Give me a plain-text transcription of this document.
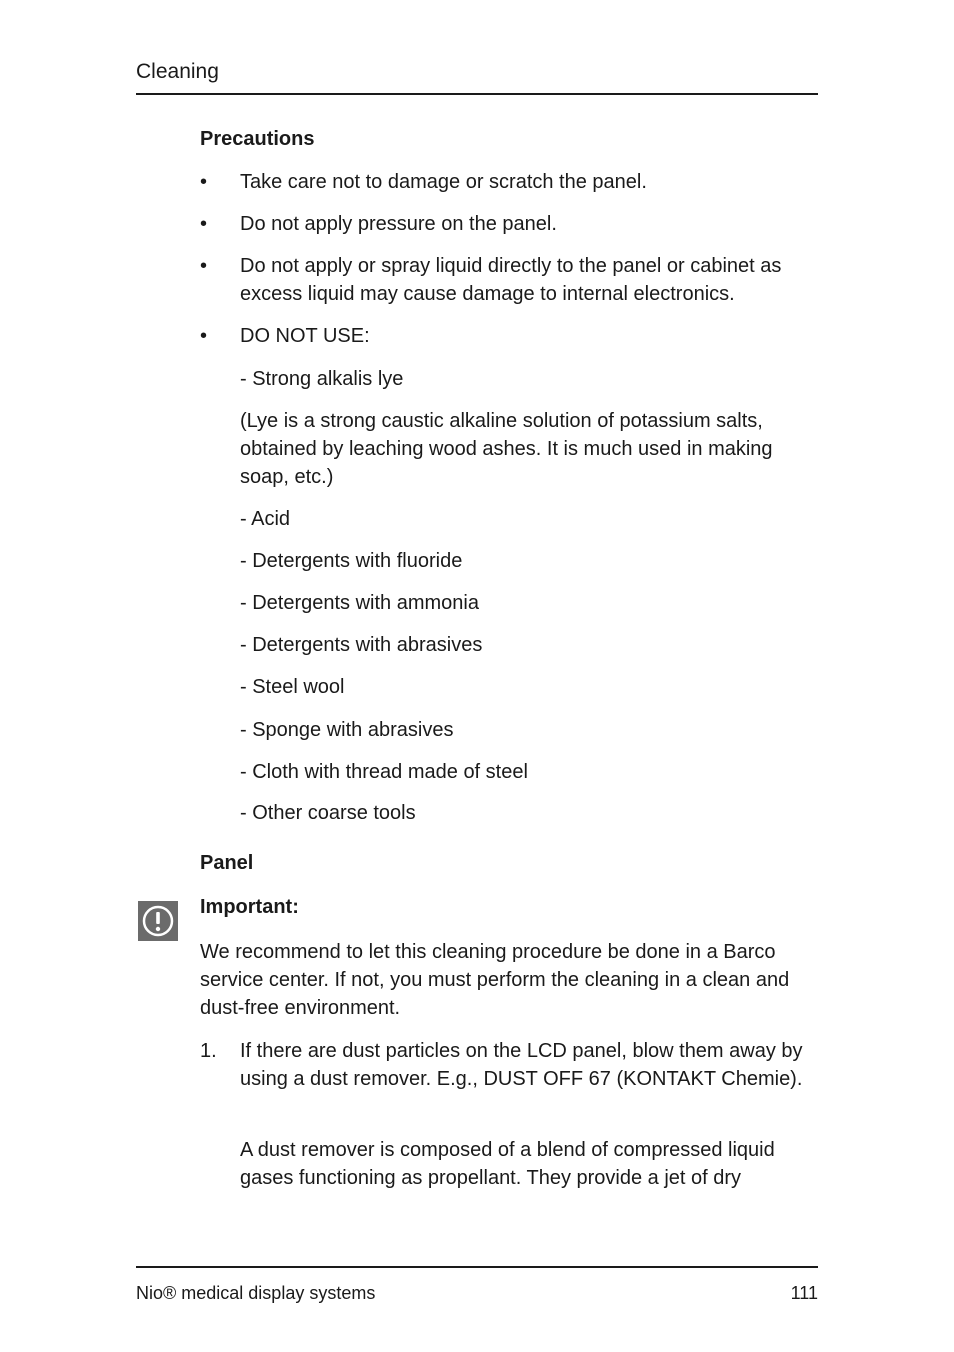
Cleaning
Precautions
• Take care not to damage or scratch the panel.
• Do not apply pressure on the panel.
• Do not apply or spray liquid directly to the panel or cabinet as excess liquid may cause damage to internal electronics.
• DO NOT USE:
- Strong alkalis lye
(Lye is a strong caustic alkaline solution of potassium salts, obtained by leaching wood ashes. It is much used in making soap, etc.)
- Acid
- Detergents with fluoride
- Detergents with ammonia
- Detergents with abrasives
- Steel wool
- Sponge with abrasives
- Cloth with thread made of steel
- Other coarse tools
Panel
Important:
We recommend to let this cleaning procedure be done in a Barco service center. If not, you must perform the cleaning in a clean and dust-free environment.
1. If there are dust particles on the LCD panel, blow them away by using a dust remover. E.g., DUST OFF 67 (KONTAKT Chemie).
A dust remover is composed of a blend of compressed liquid gases functioning as propellant. They provide a jet of dry
Nio® medical display systems	111
